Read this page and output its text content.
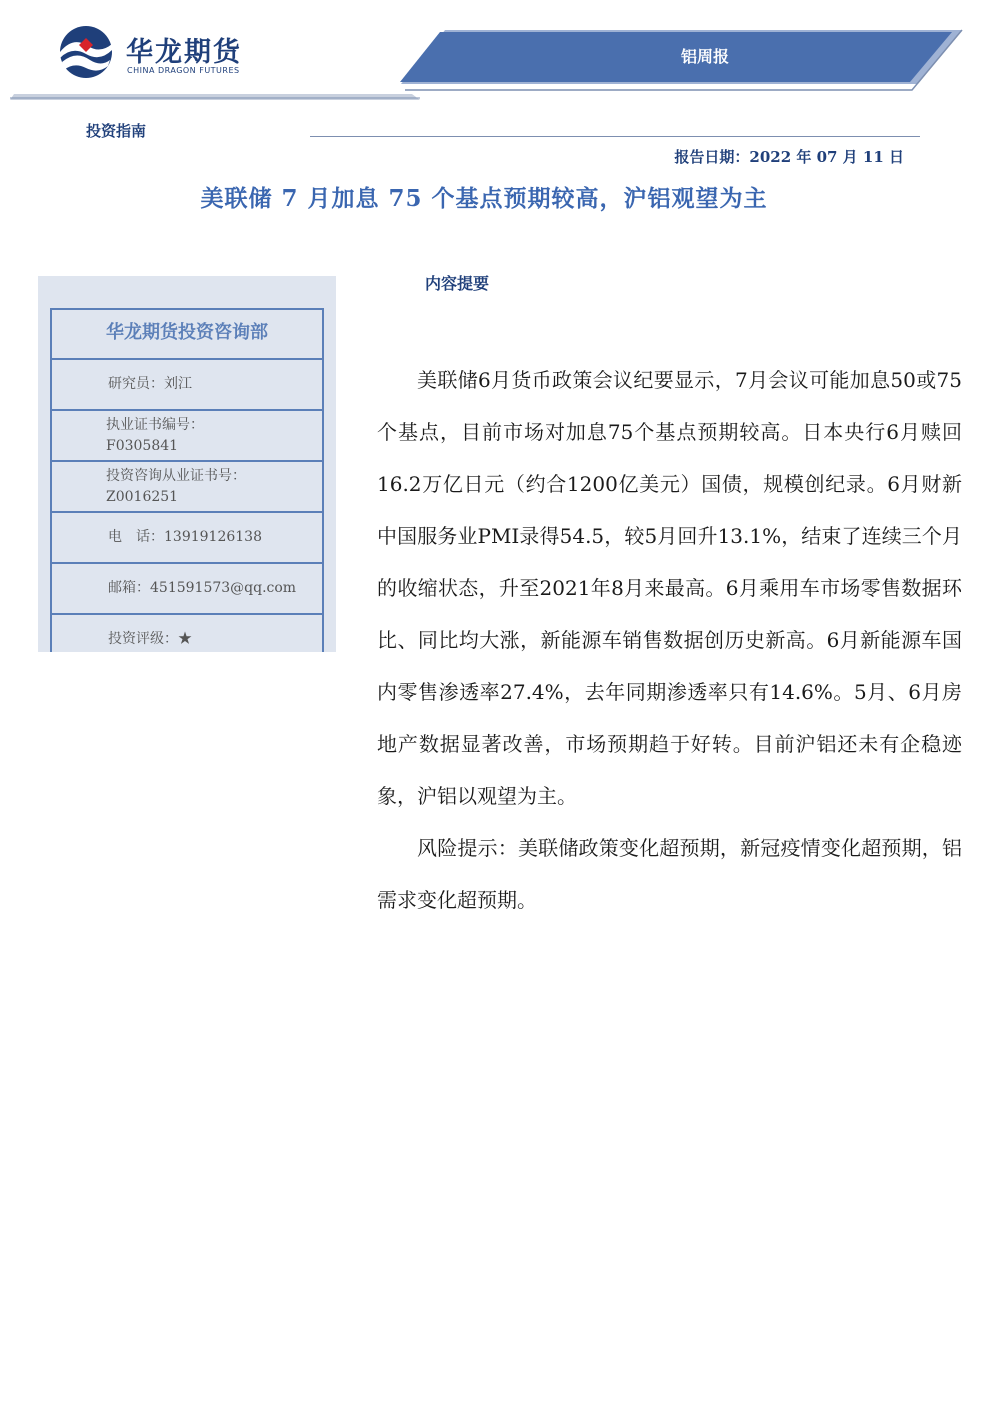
华龙期货
CHINA DRAGON FUTURES
铝周报
投资指南
报告日期：2022 年 07 月 11 日
美联储 7 月加息 75 个基点预期较高，沪铝观望为主
华龙期货投资咨询部
研究员：刘江
执业证书编号：
F0305841
投资咨询从业证书号：
Z0016251
电　话：13919126138
邮箱：451591573@qq.com
投资评级：★
内容提要

美联储6月货币政策会议纪要显示，7月会议可能加息50或75个基点，目前市场对加息75个基点预期较高。日本央行6月赎回16.2万亿日元（约合1200亿美元）国债，规模创纪录。6月财新中国服务业PMI录得54.5，较5月回升13.1%，结束了连续三个月的收缩状态，升至2021年8月来最高。6月乘用车市场零售数据环比、同比均大涨，新能源车销售数据创历史新高。6月新能源车国内零售渗透率27.4%，去年同期渗透率只有14.6%。5月、6月房地产数据显著改善，市场预期趋于好转。目前沪铝还未有企稳迹象，沪铝以观望为主。

风险提示：美联储政策变化超预期，新冠疫情变化超预期，铝需求变化超预期。
